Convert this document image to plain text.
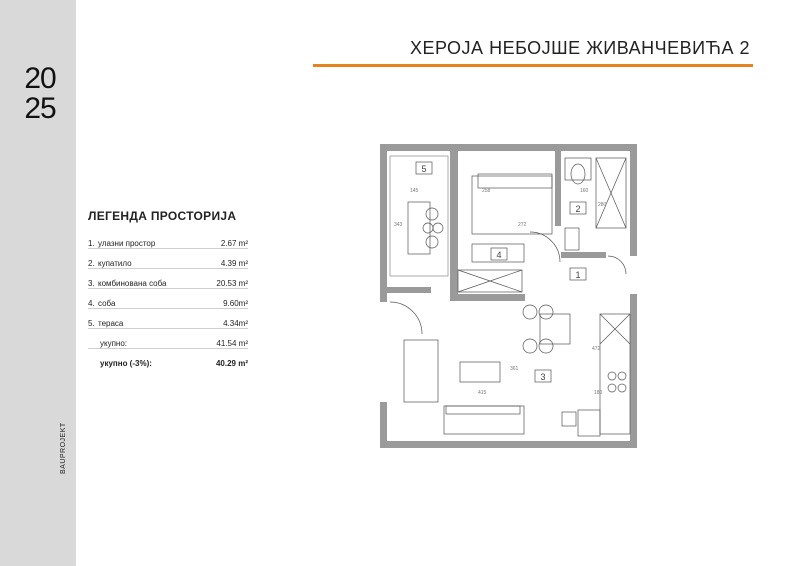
20
25
BAUPROJEKT
ХЕРОЈА НЕБОЈШЕ ЖИВАНЧЕВИЋА 2
ЛЕГЕНДА ПРОСТОРИЈА
1. улазни простор	2.67 m²
2. купатило	4.39 m²
3. комбинована соба	20.53 m²
4. соба	9.60m²
5. тераса	4.34m²
укупно:	41.54 m²
укупно (-3%):	40.29 m²
5
4
2
1
3
145	258	160
272
343
280
472
415
361
180
